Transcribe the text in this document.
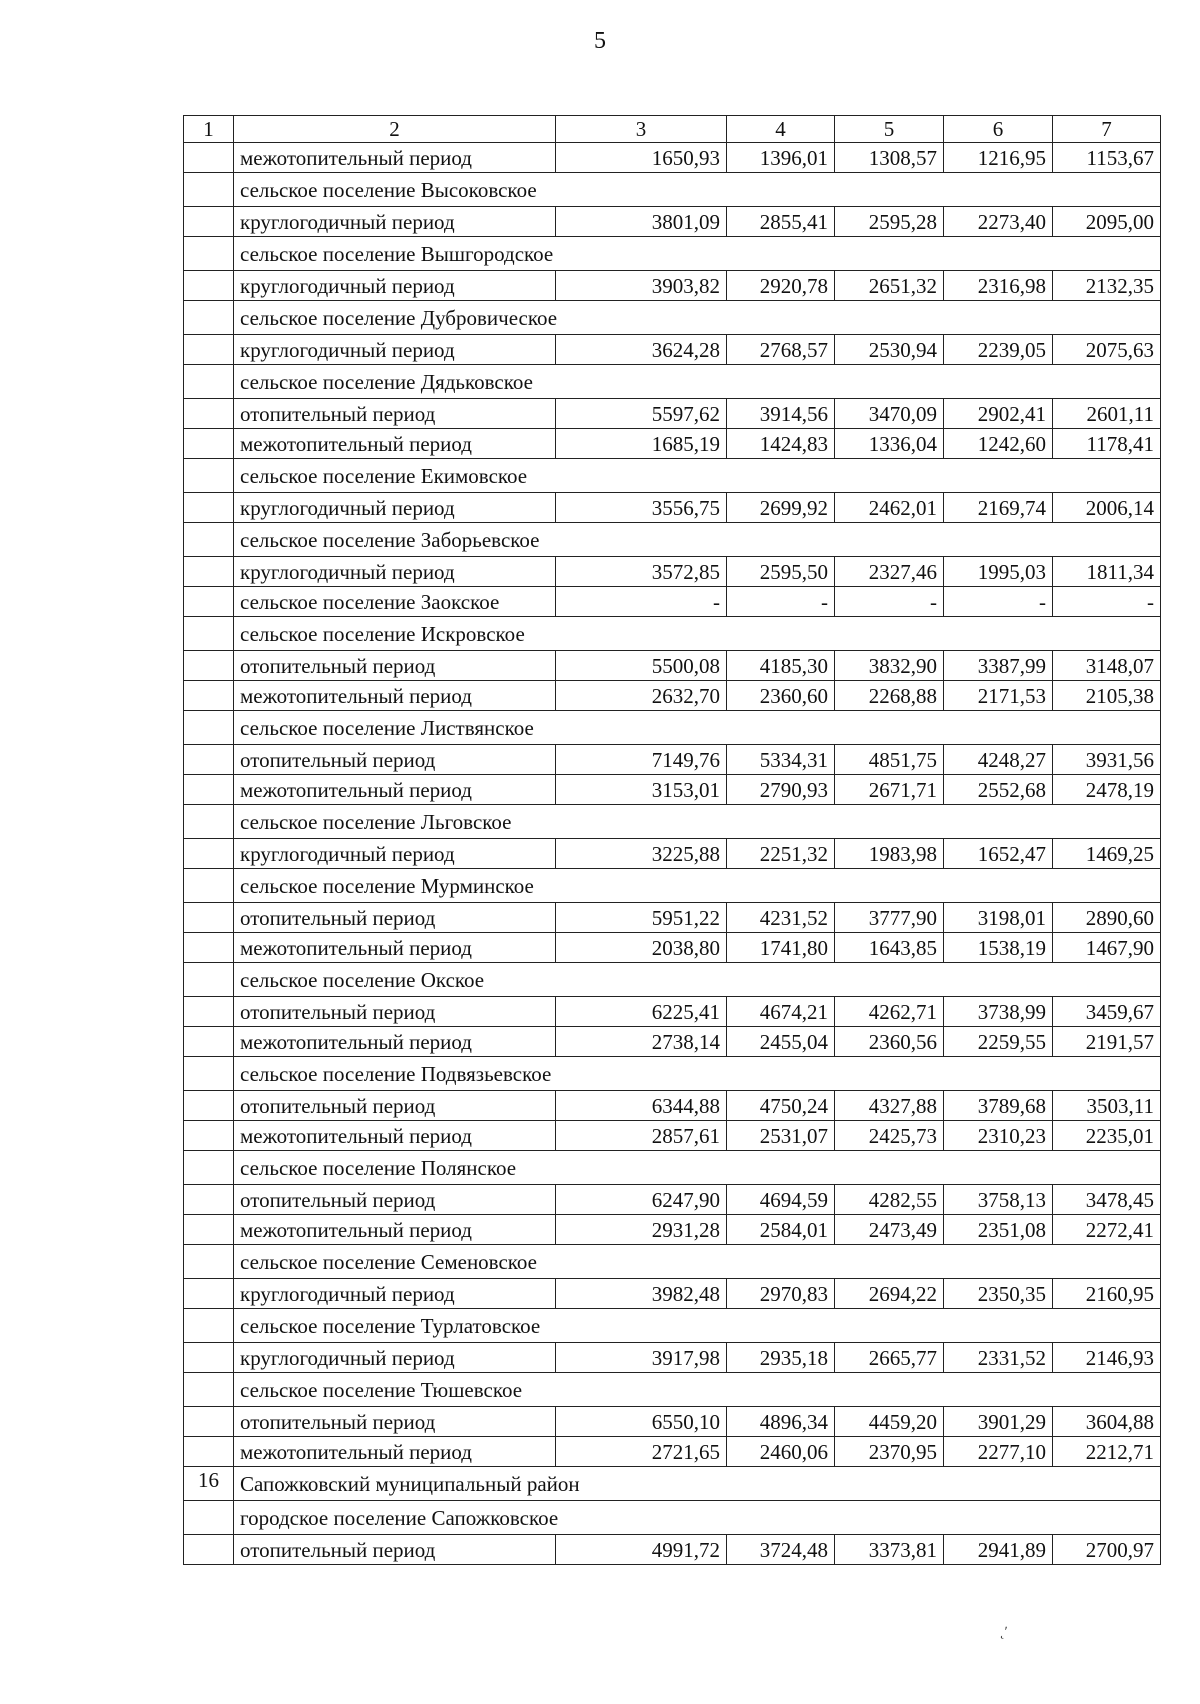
5
1	2	3	4	5	6	7
	межотопительный период	1650,93	1396,01	1308,57	1216,95	1153,67
	сельское поселение Высоковское					
	круглогодичный период	3801,09	2855,41	2595,28	2273,40	2095,00
	сельское поселение Вышгородское					
	круглогодичный период	3903,82	2920,78	2651,32	2316,98	2132,35
	сельское поселение Дубровическое					
	круглогодичный период	3624,28	2768,57	2530,94	2239,05	2075,63
	сельское поселение Дядьковское					
	отопительный период	5597,62	3914,56	3470,09	2902,41	2601,11
	межотопительный период	1685,19	1424,83	1336,04	1242,60	1178,41
	сельское поселение Екимовское					
	круглогодичный период	3556,75	2699,92	2462,01	2169,74	2006,14
	сельское поселение Заборьевское					
	круглогодичный период	3572,85	2595,50	2327,46	1995,03	1811,34
	сельское поселение Заокское	-	-	-	-	-
	сельское поселение Искровское					
	отопительный период	5500,08	4185,30	3832,90	3387,99	3148,07
	межотопительный период	2632,70	2360,60	2268,88	2171,53	2105,38
	сельское поселение Листвянское					
	отопительный период	7149,76	5334,31	4851,75	4248,27	3931,56
	межотопительный период	3153,01	2790,93	2671,71	2552,68	2478,19
	сельское поселение Льговское					
	круглогодичный период	3225,88	2251,32	1983,98	1652,47	1469,25
	сельское поселение Мурминское					
	отопительный период	5951,22	4231,52	3777,90	3198,01	2890,60
	межотопительный период	2038,80	1741,80	1643,85	1538,19	1467,90
	сельское поселение Окское					
	отопительный период	6225,41	4674,21	4262,71	3738,99	3459,67
	межотопительный период	2738,14	2455,04	2360,56	2259,55	2191,57
	сельское поселение Подвязьевское					
	отопительный период	6344,88	4750,24	4327,88	3789,68	3503,11
	межотопительный период	2857,61	2531,07	2425,73	2310,23	2235,01
	сельское поселение Полянское					
	отопительный период	6247,90	4694,59	4282,55	3758,13	3478,45
	межотопительный период	2931,28	2584,01	2473,49	2351,08	2272,41
	сельское поселение Семеновское					
	круглогодичный период	3982,48	2970,83	2694,22	2350,35	2160,95
	сельское поселение Турлатовское					
	круглогодичный период	3917,98	2935,18	2665,77	2331,52	2146,93
	сельское поселение Тюшевское					
	отопительный период	6550,10	4896,34	4459,20	3901,29	3604,88
	межотопительный период	2721,65	2460,06	2370,95	2277,10	2212,71
16	Сапожковский муниципальный район					
	городское поселение Сапожковское					
	отопительный период	4991,72	3724,48	3373,81	2941,89	2700,97
˛ʹ
